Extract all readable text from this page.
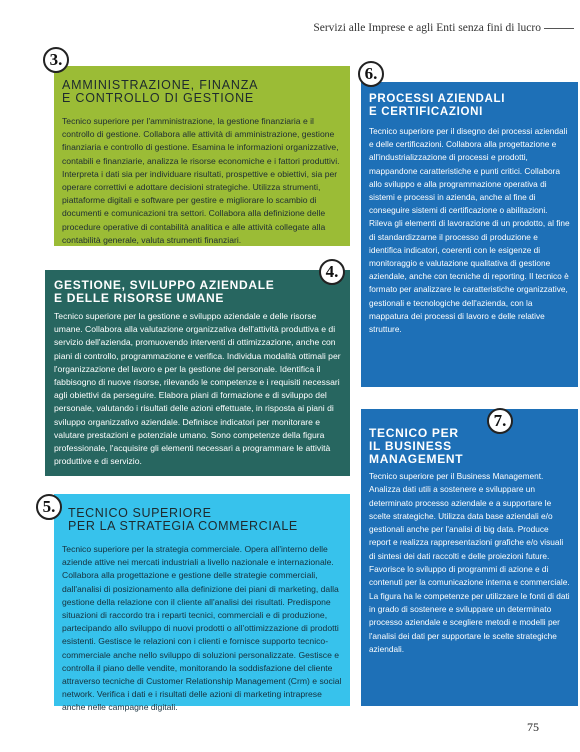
Servizi alle Imprese e agli Enti senza fini di lucro

AMMINISTRAZIONE, FINANZA
E CONTROLLO DI GESTIONE

Tecnico superiore per l'amministrazione, la gestione finanziaria e il controllo di gestione. Collabora alle attività di amministrazione, gestione finanziaria e controllo di gestione. Esamina le informazioni organizzative, contabili e finanziarie, analizza le risorse economiche e i fattori produttivi. Interpreta i dati sia per individuare risultati, prospettive e obiettivi, sia per operare correttivi e adottare decisioni strategiche. Utilizza strumenti, piattaforme digitali e software per gestire e migliorare lo scambio di documenti e comunicazioni tra settori. Collabora alla definizione delle procedure operative di contabilità analitica e alle attività collegate alla contabilità generale, valuta strumenti finanziari.

3.

GESTIONE, SVILUPPO AZIENDALE
E DELLE RISORSE UMANE

Tecnico superiore per la gestione e sviluppo aziendale e delle risorse umane. Collabora alla valutazione organizzativa dell'attività produttiva e di servizio dell'azienda, promuovendo interventi di ottimizzazione, anche con piani di controllo, programmazione e verifica. Individua modalità ottimali per l'organizzazione del lavoro e per la gestione del personale. Identifica il fabbisogno di nuove risorse, rilevando le competenze e i requisiti necessari agli obiettivi da perseguire. Elabora piani di formazione e di sviluppo del personale, valutando i risultati delle azioni effettuate, in risposta ai piani di sviluppo organizzativo aziendale. Definisce indicatori per monitorare e valutare prestazioni e potenziale umano. Sono competenze della figura professionale, l'acquisire gli elementi necessari a programmare le attività produttive e di servizio.

4.

TECNICO SUPERIORE
PER LA STRATEGIA COMMERCIALE

Tecnico superiore per la strategia commerciale. Opera all'interno delle aziende attive nei mercati industriali a livello nazionale e internazionale. Collabora alla progettazione e gestione delle strategie commerciali, dall'analisi di posizionamento alla definizione dei piani di marketing, dalla gestione della relazione con il cliente all'analisi dei risultati. Predispone situazioni di raccordo tra i reparti tecnici, commerciali e di produzione, partecipando allo sviluppo di nuovi prodotti o all'ottimizzazione di prodotti esistenti. Gestisce le relazioni con i clienti e fornisce supporto tecnico-commerciale anche nello sviluppo di soluzioni personalizzate. Gestisce e controlla il piano delle vendite, monitorando la soddisfazione del cliente attraverso tecniche di Customer Relationship Management (Crm) e social network. Verifica i dati e i risultati delle azioni di marketing intraprese anche nelle campagne digitali.

5.

PROCESSI AZIENDALI
E CERTIFICAZIONI

Tecnico superiore per il disegno dei processi aziendali e delle certificazioni. Collabora alla progettazione e all'industrializzazione di processi e prodotti, mappandone caratteristiche e punti critici. Collabora allo sviluppo e alla programmazione operativa di sistemi e processi in azienda, anche al fine di conseguire sistemi di certificazione o abilitazioni. Rileva gli elementi di lavorazione di un prodotto, al fine di standardizzarne il processo di produzione e identifica indicatori, coerenti con le esigenze di monitoraggio e valutazione qualitativa di gestione aziendale, anche con tecniche di reporting. Il tecnico è formato per analizzare le caratteristiche organizzative, gestionali e tecnologiche dell'azienda, con la mappatura dei processi di lavoro e delle relative strutture.

6.

TECNICO PER
IL BUSINESS
MANAGEMENT

Tecnico superiore per il Business Management. Analizza dati utili a sostenere e sviluppare un determinato processo aziendale e a supportare le scelte strategiche. Utilizza data base aziendali e/o gestionali anche per l'analisi di big data. Produce report e realizza rappresentazioni grafiche e/o visuali di sintesi dei dati raccolti e delle proiezioni future. Favorisce lo sviluppo di programmi di azione e di contenuti per la comunicazione interna e commerciale. La figura ha le competenze per utilizzare le fonti di dati in grado di sostenere e sviluppare un determinato processo aziendale e scegliere metodi e modelli per l'analisi dei dati per supportare le scelte strategiche aziendali.

7.
75
